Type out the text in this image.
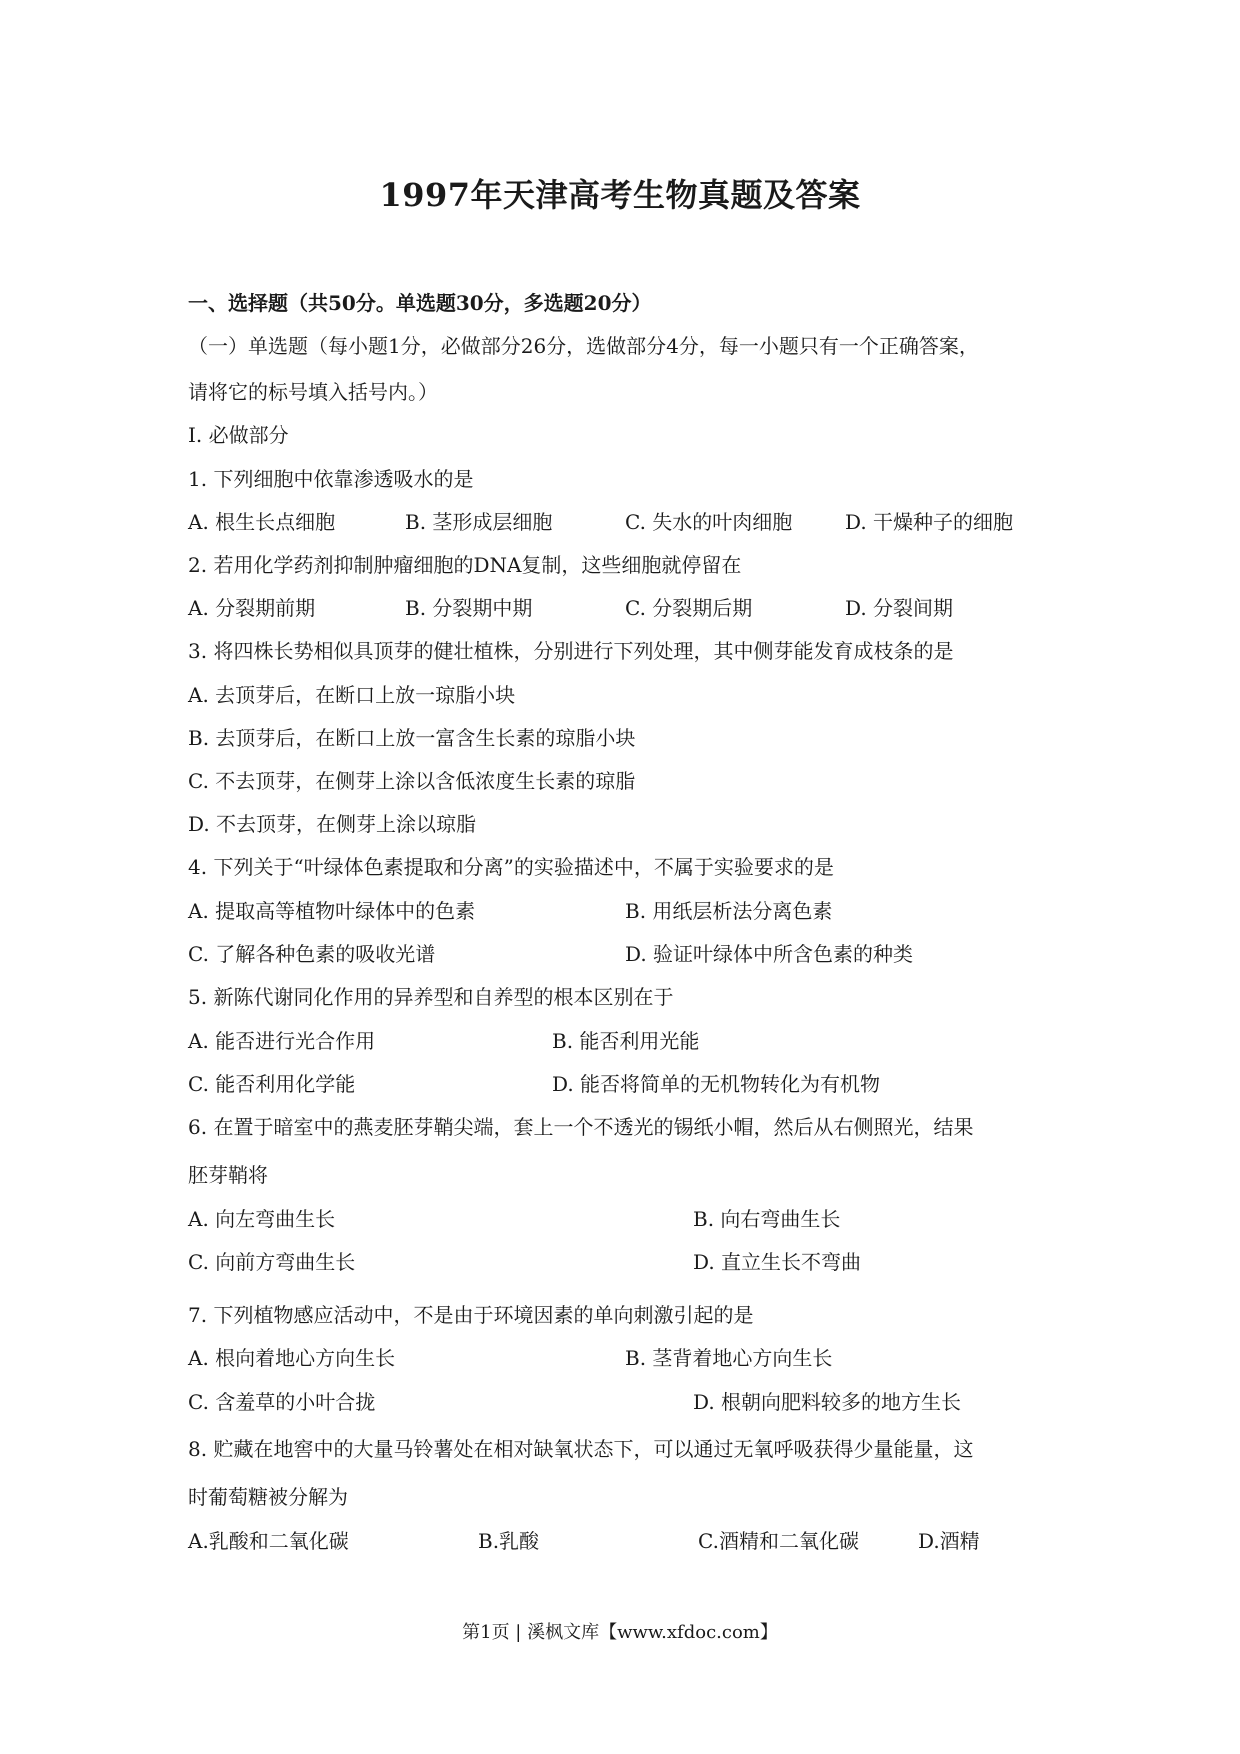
1997年天津高考生物真题及答案
一、选择题（共50分。单选题30分，多选题20分）
（一）单选题（每小题1分，必做部分26分，选做部分4分，每一小题只有一个正确答案，
请将它的标号填入括号内。）
I. 必做部分
1. 下列细胞中依靠渗透吸水的是
A. 根生长点细胞	B. 茎形成层细胞	C. 失水的叶肉细胞	D. 干燥种子的细胞
2. 若用化学药剂抑制肿瘤细胞的DNA复制，这些细胞就停留在
A. 分裂期前期	B. 分裂期中期	C. 分裂期后期	D. 分裂间期
3. 将四株长势相似具顶芽的健壮植株，分别进行下列处理，其中侧芽能发育成枝条的是
A. 去顶芽后，在断口上放一琼脂小块
B. 去顶芽后，在断口上放一富含生长素的琼脂小块
C. 不去顶芽，在侧芽上涂以含低浓度生长素的琼脂
D. 不去顶芽，在侧芽上涂以琼脂
4. 下列关于“叶绿体色素提取和分离”的实验描述中，不属于实验要求的是
A. 提取高等植物叶绿体中的色素	B. 用纸层析法分离色素
C. 了解各种色素的吸收光谱	D. 验证叶绿体中所含色素的种类
5. 新陈代谢同化作用的异养型和自养型的根本区别在于
A. 能否进行光合作用	B. 能否利用光能
C. 能否利用化学能	D. 能否将简单的无机物转化为有机物
6. 在置于暗室中的燕麦胚芽鞘尖端，套上一个不透光的锡纸小帽，然后从右侧照光，结果
胚芽鞘将
A. 向左弯曲生长	B. 向右弯曲生长
C. 向前方弯曲生长	D. 直立生长不弯曲
7. 下列植物感应活动中，不是由于环境因素的单向刺激引起的是
A. 根向着地心方向生长	B. 茎背着地心方向生长
C. 含羞草的小叶合拢	D. 根朝向肥料较多的地方生长
8. 贮藏在地窖中的大量马铃薯处在相对缺氧状态下，可以通过无氧呼吸获得少量能量，这
时葡萄糖被分解为
A.乳酸和二氧化碳	B.乳酸	C.酒精和二氧化碳	D.酒精
第1页 | 溪枫文库【www.xfdoc.com】
